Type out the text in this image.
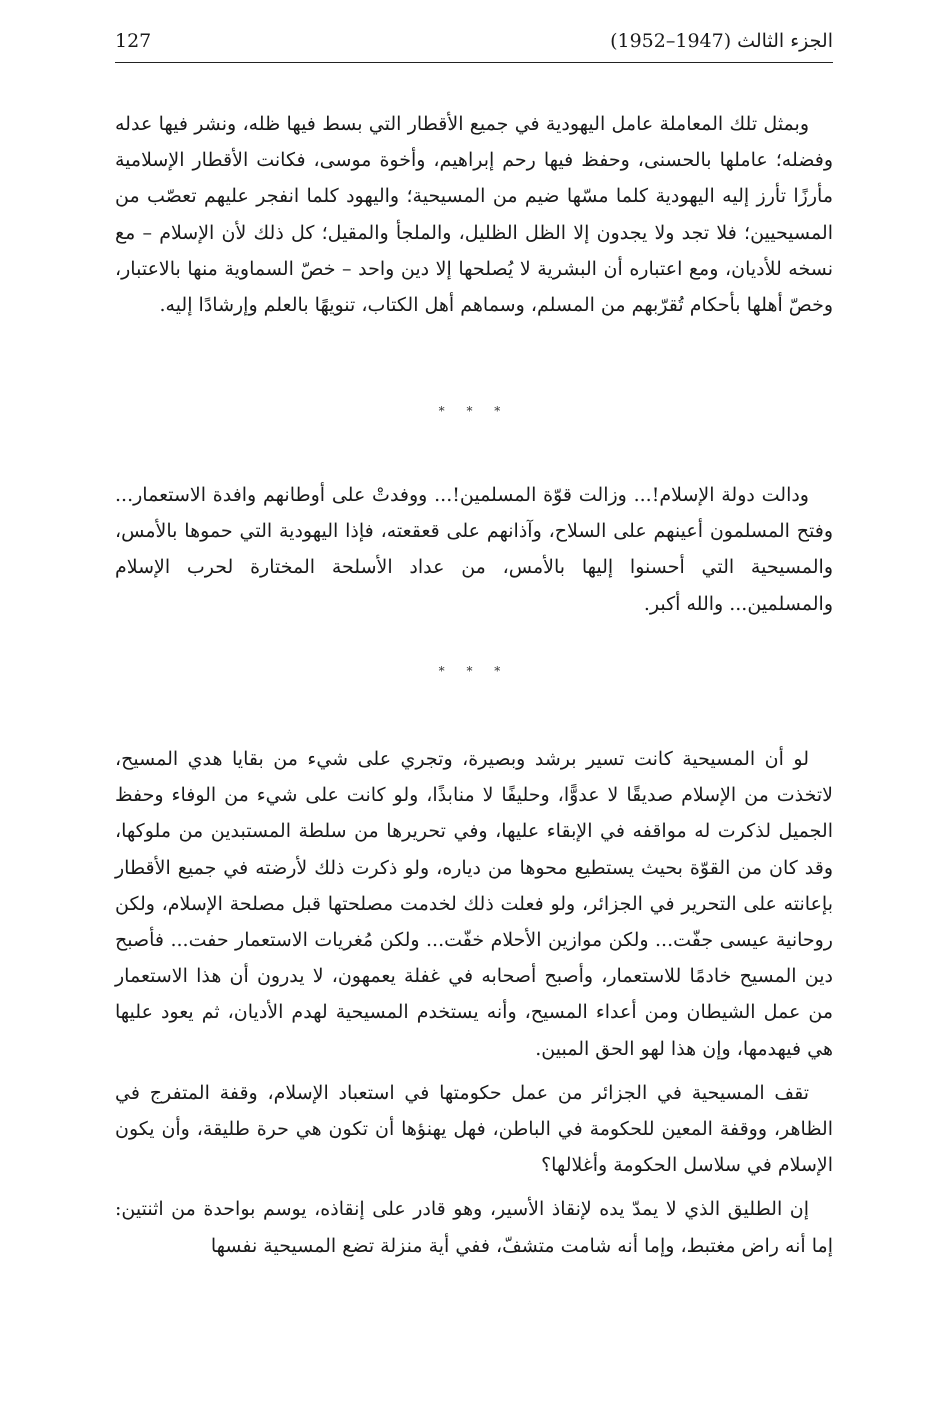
127	الجزء الثالث (1947–1952)

وبمثل تلك المعاملة عامل اليهودية في جميع الأقطار التي بسط فيها ظله، ونشر فيها عدله وفضله؛ عاملها بالحسنى، وحفظ فيها رحم إبراهيم، وأخوة موسى، فكانت الأقطار الإسلامية مأرزًا تأرز إليه اليهودية كلما مسّها ضيم من المسيحية؛ واليهود كلما انفجر عليهم تعصّب من المسيحيين؛ فلا تجد ولا يجدون إلا الظل الظليل، والملجأ والمقيل؛ كل ذلك لأن الإسلام – مع نسخه للأديان، ومع اعتباره أن البشرية لا يُصلحها إلا دين واحد – خصّ السماوية منها بالاعتبار، وخصّ أهلها بأحكام تُقرّبهم من المسلم، وسماهم أهل الكتاب، تنويهًا بالعلم وإرشادًا إليه.

* * *

ودالت دولة الإسلام!... وزالت قوّة المسلمين!... ووفدتْ على أوطانهم وافدة الاستعمار... وفتح المسلمون أعينهم على السلاح، وآذانهم على قعقعته، فإذا اليهودية التي حموها بالأمس، والمسيحية التي أحسنوا إليها بالأمس، من عداد الأسلحة المختارة لحرب الإسلام والمسلمين... والله أكبر.

* * *

لو أن المسيحية كانت تسير برشد وبصيرة، وتجري على شيء من بقايا هدي المسيح، لاتخذت من الإسلام صديقًا لا عدوًّا، وحليفًا لا منابذًا، ولو كانت على شيء من الوفاء وحفظ الجميل لذكرت له مواقفه في الإبقاء عليها، وفي تحريرها من سلطة المستبدين من ملوكها، وقد كان من القوّة بحيث يستطيع محوها من دياره، ولو ذكرت ذلك لأرضته في جميع الأقطار بإعانته على التحرير في الجزائر، ولو فعلت ذلك لخدمت مصلحتها قبل مصلحة الإسلام، ولكن روحانية عيسى جفّت... ولكن موازين الأحلام خفّت... ولكن مُغريات الاستعمار حفت... فأصبح دين المسيح خادمًا للاستعمار، وأصبح أصحابه في غفلة يعمهون، لا يدرون أن هذا الاستعمار من عمل الشيطان ومن أعداء المسيح، وأنه يستخدم المسيحية لهدم الأديان، ثم يعود عليها هي فيهدمها، وإن هذا لهو الحق المبين.

تقف المسيحية في الجزائر من عمل حكومتها في استعباد الإسلام، وقفة المتفرج في الظاهر، ووقفة المعين للحكومة في الباطن، فهل يهنؤها أن تكون هي حرة طليقة، وأن يكون الإسلام في سلاسل الحكومة وأغلالها؟

إن الطليق الذي لا يمدّ يده لإنقاذ الأسير، وهو قادر على إنقاذه، يوسم بواحدة من اثنتين: إما أنه راض مغتبط، وإما أنه شامت متشفّ، ففي أية منزلة تضع المسيحية نفسها
